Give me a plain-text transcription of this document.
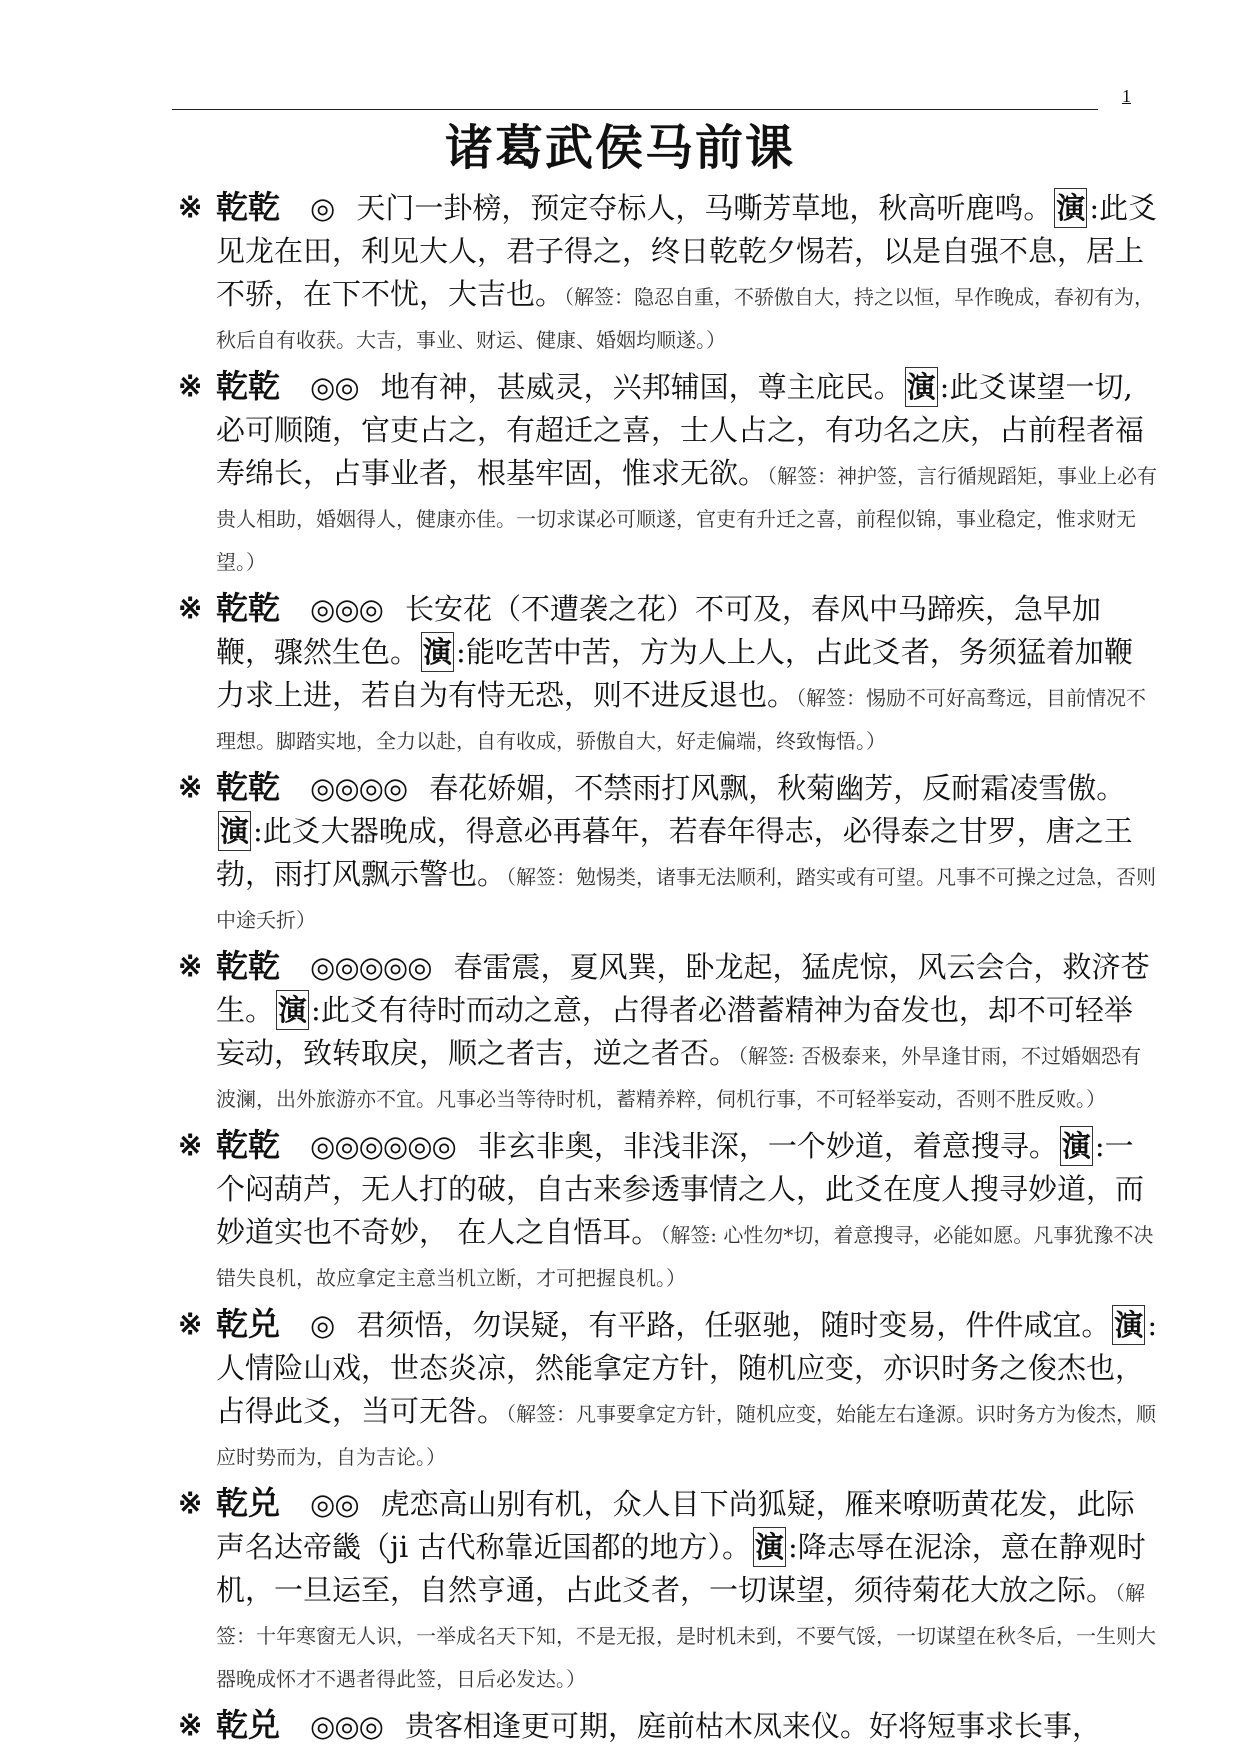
1
诸葛武侯马前课
※ 乾乾 ◎ 天门一卦榜，预定夺标人，马嘶芳草地，秋高听鹿鸣。 演 :此爻见龙在田，利见大人，君子得之，终日乾乾夕惕若，以是自强不息，居上不骄，在下不忧，大吉也。（解签：隐忍自重，不骄傲自大，持之以恒，早作晚成，春初有为，秋后自有收获。大吉，事业、财运、健康、婚姻均顺遂。）
※ 乾乾 ◎◎ 地有神，甚威灵，兴邦辅国，尊主庇民。 演 :此爻谋望一切,必可顺随，官吏占之，有超迁之喜，士人占之，有功名之庆，占前程者福寿绵长，占事业者，根基牢固，惟求无欲。（解签：神护签，言行循规蹈矩，事业上必有贵人相助，婚姻得人，健康亦佳。一切求谋必可顺遂，官吏有升迁之喜，前程似锦，事业稳定，惟求财无望。）
※ 乾乾 ◎◎◎ 长安花（不遭袭之花）不可及，春风中马蹄疾，急早加鞭，骤然生色。 演 :能吃苦中苦，方为人上人，占此爻者，务须猛着加鞭力求上进，若自为有恃无恐，则不进反退也。（解签：惕励不可好高骛远，目前情况不理想。脚踏实地，全力以赴，自有收成，骄傲自大，好走偏端，终致悔悟。）
※ 乾乾 ◎◎◎◎ 春花娇媚，不禁雨打风飘，秋菊幽芳，反耐霜凌雪傲。演 :此爻大器晚成，得意必再暮年，若春年得志，必得泰之甘罗，唐之王勃，雨打风飘示警也。（解签：勉惕类，诸事无法顺利，踏实或有可望。凡事不可操之过急，否则中途夭折）
※ 乾乾 ◎◎◎◎◎ 春雷震，夏风巽，卧龙起，猛虎惊，风云会合，救济苍生。 演 :此爻有待时而动之意，占得者必潜蓄精神为奋发也，却不可轻举妄动，致转取戾，顺之者吉，逆之者否。（解签: 否极泰来，外旱逢甘雨，不过婚姻恐有波澜，出外旅游亦不宜。凡事必当等待时机，蓄精养粹，伺机行事，不可轻举妄动，否则不胜反败。）
※ 乾乾 ◎◎◎◎◎◎ 非玄非奥，非浅非深，一个妙道，着意搜寻。 演 :一个闷葫芦，无人打的破，自古来参透事情之人，此爻在度人搜寻妙道，而妙道实也不奇妙， 在人之自悟耳。（解签: 心性勿*切，着意搜寻，必能如愿。凡事犹豫不决错失良机，故应拿定主意当机立断，才可把握良机。）
※ 乾兑 ◎ 君须悟，勿误疑，有平路，任驱驰，随时变易，件件咸宜。 演 :人情险山戏，世态炎凉，然能拿定方针，随机应变，亦识时务之俊杰也，占得此爻，当可无咎。（解签：凡事要拿定方针，随机应变，始能左右逢源。识时务方为俊杰，顺应时势而为，自为吉论。）
※ 乾兑 ◎◎ 虎恋高山别有机，众人目下尚狐疑，雁来嘹呖黄花发，此际声名达帝畿（ji 古代称靠近国都的地方）。 演 :降志辱在泥涂，意在静观时机，一旦运至，自然亨通，占此爻者，一切谋望，须待菊花大放之际。（解签：十年寒窗无人识，一举成名天下知，不是无报，是时机未到，不要气馁，一切谋望在秋冬后，一生则大器晚成怀才不遇者得此签，日后必发达。）
※ 乾兑 ◎◎◎ 贵客相逢更可期，庭前枯木凤来仪。好将短事求长事，
